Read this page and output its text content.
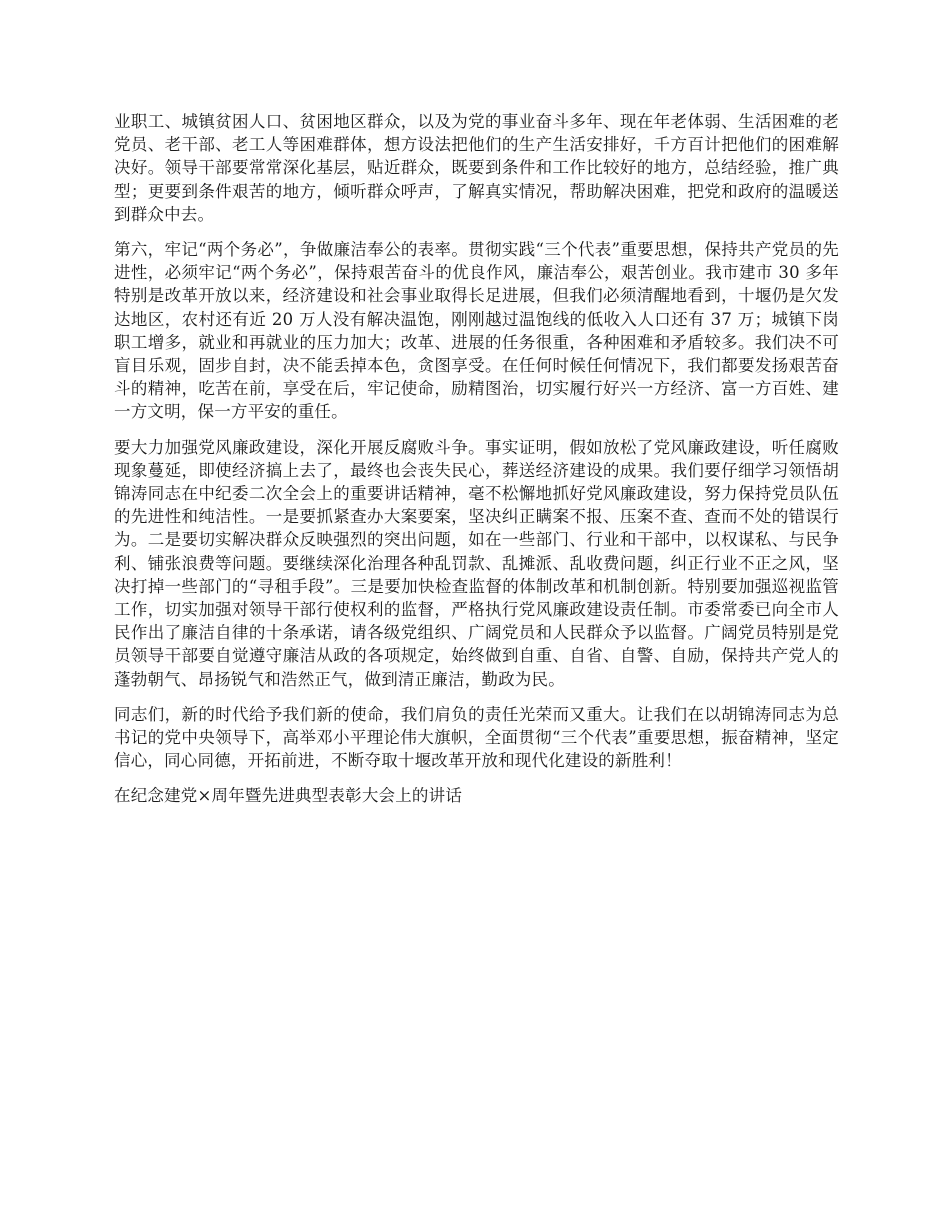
业职工、城镇贫困人口、贫困地区群众，以及为党的事业奋斗多年、现在年老体弱、生活困难的老党员、老干部、老工人等困难群体，想方设法把他们的生产生活安排好，千方百计把他们的困难解决好。领导干部要常常深化基层，贴近群众，既要到条件和工作比较好的地方，总结经验，推广典型；更要到条件艰苦的地方，倾听群众呼声，了解真实情况，帮助解决困难，把党和政府的温暖送到群众中去。

第六，牢记“两个务必”，争做廉洁奉公的表率。贯彻实践“三个代表”重要思想，保持共产党员的先进性，必须牢记“两个务必”，保持艰苦奋斗的优良作风，廉洁奉公，艰苦创业。我市建市 30 多年特别是改革开放以来，经济建设和社会事业取得长足进展，但我们必须清醒地看到，十堰仍是欠发达地区，农村还有近 20 万人没有解决温饱，刚刚越过温饱线的低收入人口还有 37 万；城镇下岗职工增多，就业和再就业的压力加大；改革、进展的任务很重，各种困难和矛盾较多。我们决不可盲目乐观，固步自封，决不能丢掉本色，贪图享受。在任何时候任何情况下，我们都要发扬艰苦奋斗的精神，吃苦在前，享受在后，牢记使命，励精图治，切实履行好兴一方经济、富一方百姓、建一方文明，保一方平安的重任。

要大力加强党风廉政建设，深化开展反腐败斗争。事实证明，假如放松了党风廉政建设，听任腐败现象蔓延，即使经济搞上去了，最终也会丧失民心，葬送经济建设的成果。我们要仔细学习领悟胡锦涛同志在中纪委二次全会上的重要讲话精神，毫不松懈地抓好党风廉政建设，努力保持党员队伍的先进性和纯洁性。一是要抓紧查办大案要案，坚决纠正瞒案不报、压案不查、查而不处的错误行为。二是要切实解决群众反映强烈的突出问题，如在一些部门、行业和干部中，以权谋私、与民争利、铺张浪费等问题。要继续深化治理各种乱罚款、乱摊派、乱收费问题，纠正行业不正之风，坚决打掉一些部门的“寻租手段”。三是要加快检查监督的体制改革和机制创新。特别要加强巡视监管工作，切实加强对领导干部行使权利的监督，严格执行党风廉政建设责任制。市委常委已向全市人民作出了廉洁自律的十条承诺，请各级党组织、广阔党员和人民群众予以监督。广阔党员特别是党员领导干部要自觉遵守廉洁从政的各项规定，始终做到自重、自省、自警、自励，保持共产党人的蓬勃朝气、昂扬锐气和浩然正气，做到清正廉洁，勤政为民。

同志们，新的时代给予我们新的使命，我们肩负的责任光荣而又重大。让我们在以胡锦涛同志为总书记的党中央领导下，高举邓小平理论伟大旗帜，全面贯彻“三个代表”重要思想，振奋精神，坚定信心，同心同德，开拓前进，不断夺取十堰改革开放和现代化建设的新胜利！

在纪念建党×周年暨先进典型表彰大会上的讲话
